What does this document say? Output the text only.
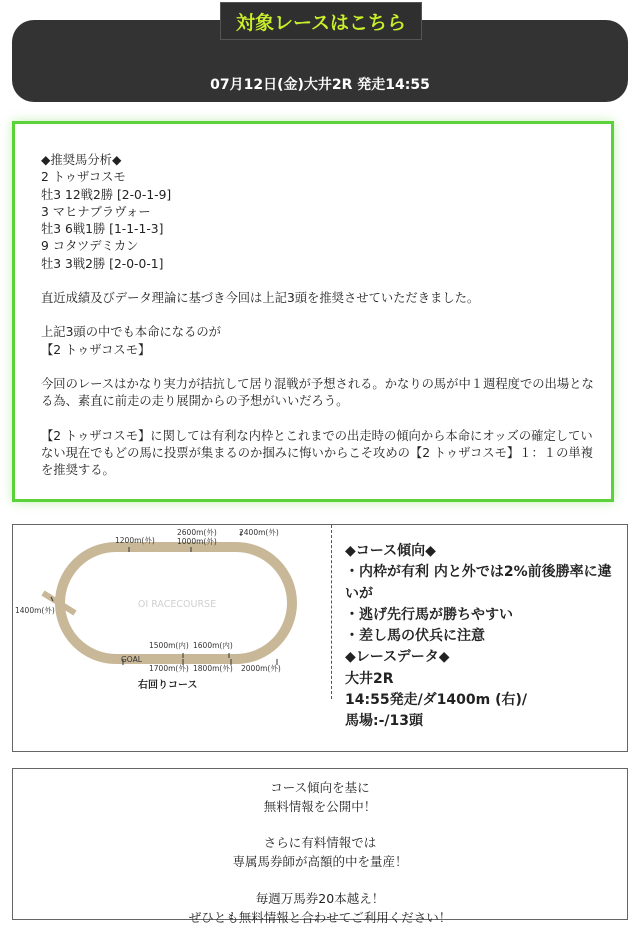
対象レースはこちら
07月12日(金)大井2R 発走14:55

◆推奨馬分析◆

2 トゥザコスモ

牡3 12戦2勝 [2-0-1-9]

3 マヒナブラヴォー

牡3 6戦1勝 [1-1-1-3]

9 コタツデミカン

牡3 3戦2勝 [2-0-0-1]

直近成績及びデータ理論に基づき今回は上記3頭を推奨させていただきました。

上記3頭の中でも本命になるのが

【2 トゥザコスモ】

今回のレースはかなり実力が拮抗して居り混戦が予想される。かなりの馬が中１週程度での出場となる為、素直に前走の走り展開からの予想がいいだろう。

【2 トゥザコスモ】に関しては有利な内枠とこれまでの出走時の傾向から本命にオッズの確定していない現在でもどの馬に投票が集まるのか掴みに悔いからこそ攻めの【2 トゥザコスモ】１：１の単複を推奨する。

OI RACECOURSE
1200m(外)
2600m(外)
1000m(外)
2400m(外)
1400m(外)
1500m(内) 1600m(内)
1700m(外) 1800m(外) 2000m(外)
GOAL
右回りコース
◆コース傾向◆
・内枠が有利 内と外では2%前後勝率に違いが
・逃げ先行馬が勝ちやすい
・差し馬の伏兵に注意
◆レースデータ◆
大井2R
14:55発走/ダ1400m (右)/
馬場:-/13頭
コース傾向を基に
無料情報を公開中！
さらに有料情報では
専属馬券師が高額的中を量産！
毎週万馬券20本越え！
ぜひとも無料情報と合わせてご利用ください！
